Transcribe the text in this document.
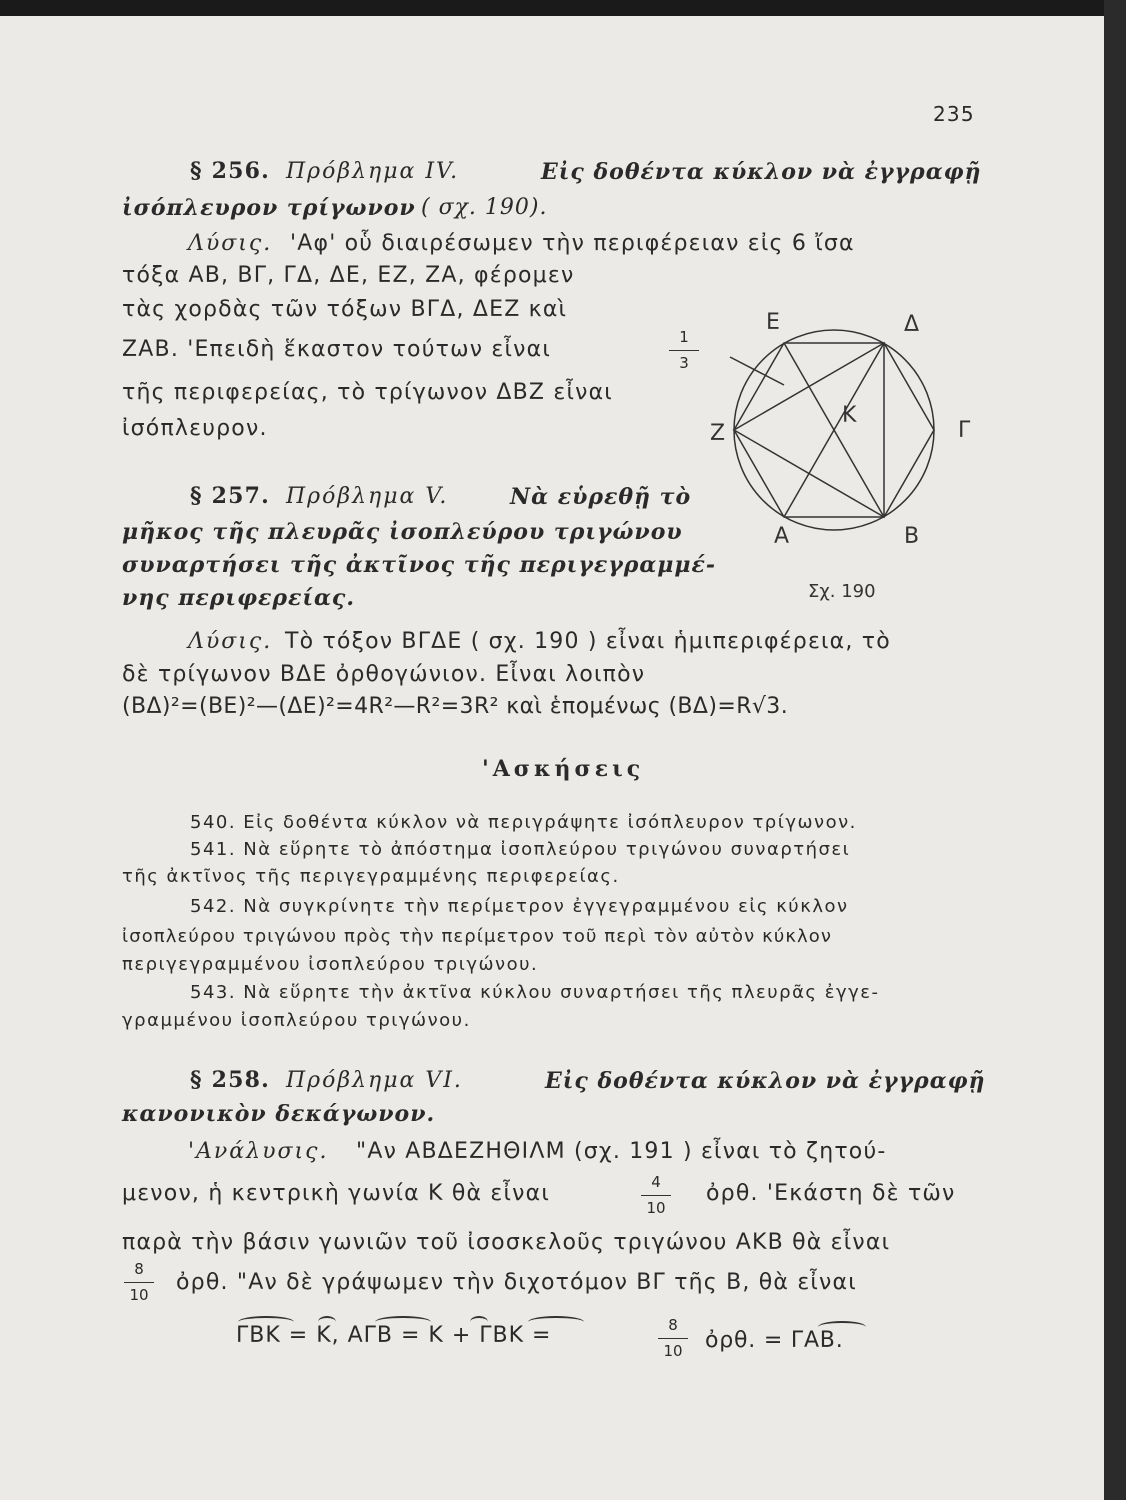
235
§ 256. Πρόβλημα IV.	Εἰς δοθέντα κύκλον νὰ ἐγγραφῇ
ἰσόπλευρον τρίγωνον ( σχ. 190).
Λύσις. 'Αφ' οὗ διαιρέσωμεν τὴν περιφέρειαν εἰς 6 ἴσα
τόξα ΑΒ, ΒΓ, ΓΔ, ΔΕ, ΕΖ, ΖΑ, φέρομεν
τὰς χορδὰς τῶν τόξων ΒΓΔ, ΔΕΖ καὶ
ΖΑΒ. 'Επειδὴ ἕκαστον τούτων εἶναι	1
3
τῆς περιφερείας, τὸ τρίγωνον ΔΒΖ εἶναι
ἰσόπλευρον.
Ε	Δ
Γ
Ζ
Α	Β
Κ
Σχ. 190
§ 257. Πρόβλημα V.	Νὰ εὑρεθῇ τὸ
μῆκος τῆς πλευρᾶς ἰσοπλεύρου τριγώνου
συναρτήσει τῆς ἀκτῖνος τῆς περιγεγραμμέ-
νης περιφερείας.
Λύσις. Τὸ τόξον ΒΓΔΕ ( σχ. 190 ) εἶναι ἡμιπεριφέρεια, τὸ
δὲ τρίγωνον ΒΔΕ ὀρθογώνιον. Εἶναι λοιπὸν
(ΒΔ)²=(ΒΕ)²—(ΔΕ)²=4R²—R²=3R² καὶ ἑπομένως (ΒΔ)=R√3.
'Ασκήσεις
540. Εἰς δοθέντα κύκλον νὰ περιγράψητε ἰσόπλευρον τρίγωνον.
541. Νὰ εὕρητε τὸ ἀπόστημα ἰσοπλεύρου τριγώνου συναρτήσει
τῆς ἀκτῖνος τῆς περιγεγραμμένης περιφερείας.
542. Νὰ συγκρίνητε τὴν περίμετρον ἐγγεγραμμένου εἰς κύκλον
ἰσοπλεύρου τριγώνου πρὸς τὴν περίμετρον τοῦ περὶ τὸν αὐτὸν κύκλον
περιγεγραμμένου ἰσοπλεύρου τριγώνου.
543. Νὰ εὕρητε τὴν ἀκτῖνα κύκλου συναρτήσει τῆς πλευρᾶς ἐγγε-
γραμμένου ἰσοπλεύρου τριγώνου.
§ 258. Πρόβλημα VI.	Εἰς δοθέντα κύκλον νὰ ἐγγραφῇ
κανονικὸν δεκάγωνον.
'Ανάλυσις. "Αν ΑΒΔΕΖΗΘΙΛΜ (σχ. 191 ) εἶναι τὸ ζητού-
μενον, ἡ κεντρικὴ γωνία Κ θὰ εἶναι	4
10
ὀρθ. 'Εκάστη δὲ τῶν
παρὰ τὴν βάσιν γωνιῶν τοῦ ἰσοσκελοῦς τριγώνου ΑΚΒ θὰ εἶναι
8
10 ὀρθ. "Αν δὲ γράψωμεν τὴν διχοτόμον ΒΓ τῆς Β, θὰ εἶναι
ΓΒΚ = Κ, ΑΓΒ = Κ + ΓΒΚ =	8
10 ὀρθ. = ΓΑΒ.
